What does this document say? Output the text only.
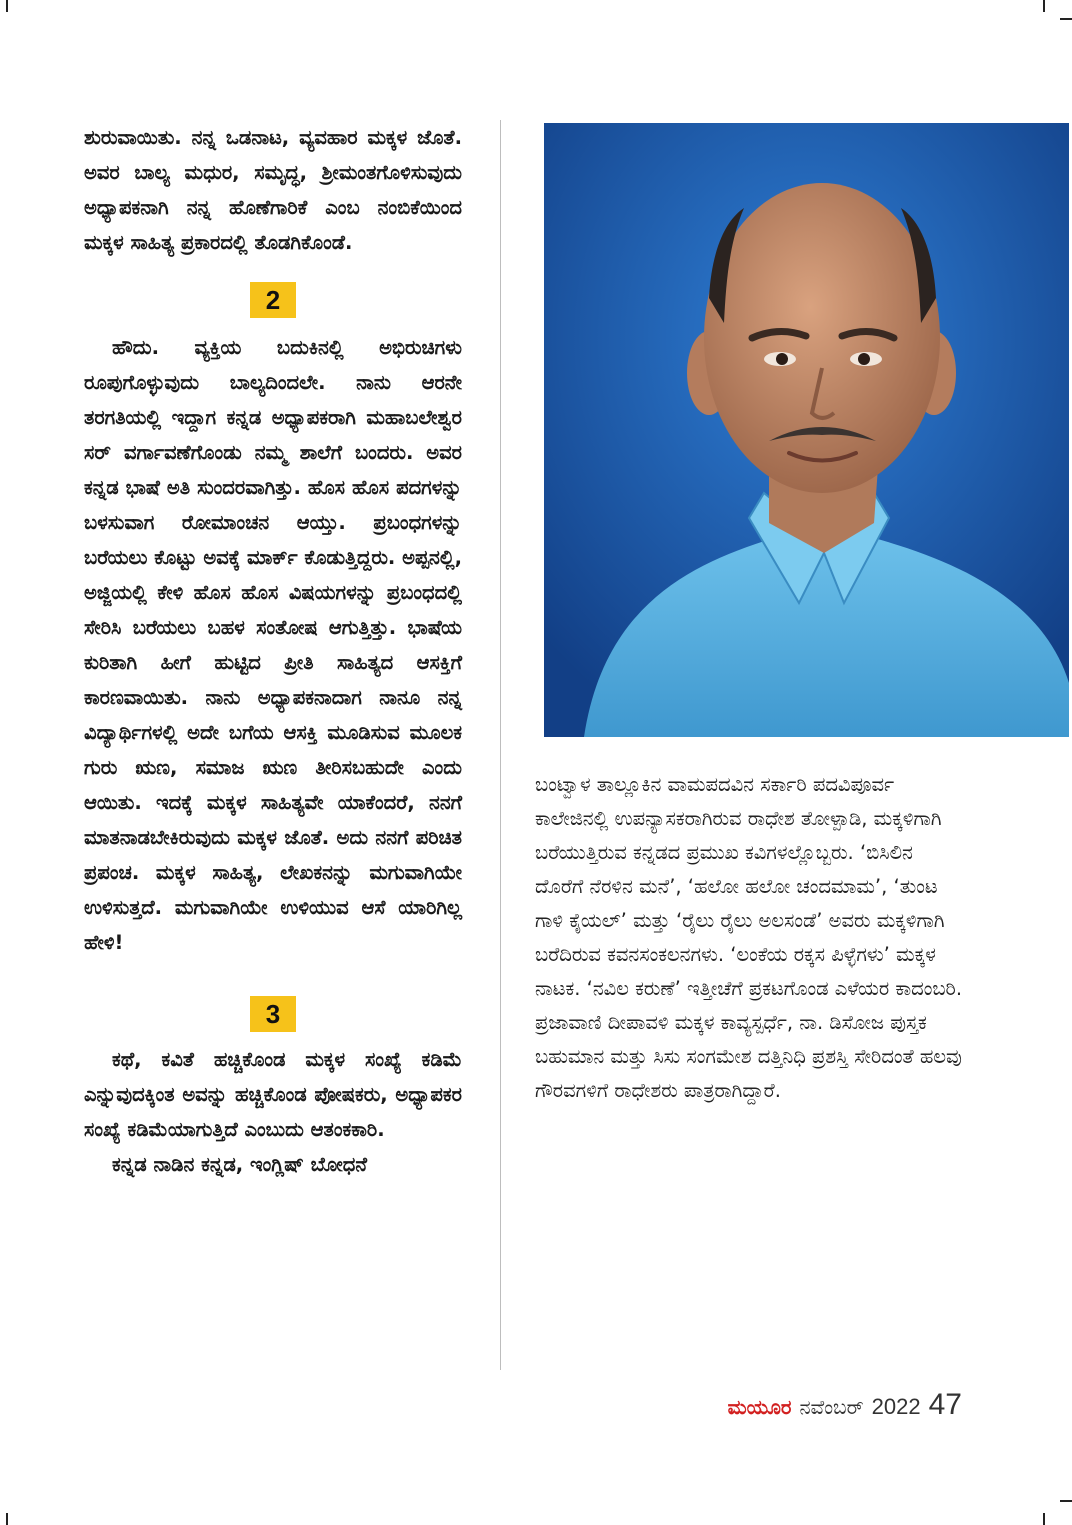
ಶುರುವಾಯಿತು. ನನ್ನ ಒಡನಾಟ, ವ್ಯವಹಾರ ಮಕ್ಕಳ ಜೊತೆ. ಅವರ ಬಾಲ್ಯ ಮಧುರ, ಸಮೃದ್ಧ, ಶ್ರೀಮಂತಗೊಳಿಸುವುದು ಅಧ್ಯಾಪಕನಾಗಿ ನನ್ನ ಹೊಣೆಗಾರಿಕೆ ಎಂಬ ನಂಬಿಕೆಯಿಂದ ಮಕ್ಕಳ ಸಾಹಿತ್ಯ ಪ್ರಕಾರದಲ್ಲಿ ತೊಡಗಿಕೊಂಡೆ.

2

ಹೌದು. ವ್ಯಕ್ತಿಯ ಬದುಕಿನಲ್ಲಿ ಅಭಿರುಚಿಗಳು ರೂಪುಗೊಳ್ಳುವುದು ಬಾಲ್ಯದಿಂದಲೇ. ನಾನು ಆರನೇ ತರಗತಿಯಲ್ಲಿ ಇದ್ದಾಗ ಕನ್ನಡ ಅಧ್ಯಾಪಕರಾಗಿ ಮಹಾಬಲೇಶ್ವರ ಸರ್ ವರ್ಗಾವಣೆಗೊಂಡು ನಮ್ಮ ಶಾಲೆಗೆ ಬಂದರು. ಅವರ ಕನ್ನಡ ಭಾಷೆ ಅತಿ ಸುಂದರವಾಗಿತ್ತು. ಹೊಸ ಹೊಸ ಪದಗಳನ್ನು ಬಳಸುವಾಗ ರೋಮಾಂಚನ ಆಯ್ತು. ಪ್ರಬಂಧಗಳನ್ನು ಬರೆಯಲು ಕೊಟ್ಟು ಅವಕ್ಕೆ ಮಾರ್ಕ್ ಕೊಡುತ್ತಿದ್ದರು. ಅಪ್ಪನಲ್ಲಿ, ಅಜ್ಜಿಯಲ್ಲಿ ಕೇಳಿ ಹೊಸ ಹೊಸ ವಿಷಯಗಳನ್ನು ಪ್ರಬಂಧದಲ್ಲಿ ಸೇರಿಸಿ ಬರೆಯಲು ಬಹಳ ಸಂತೋಷ ಆಗುತ್ತಿತ್ತು. ಭಾಷೆಯ ಕುರಿತಾಗಿ ಹೀಗೆ ಹುಟ್ಟಿದ ಪ್ರೀತಿ ಸಾಹಿತ್ಯದ ಆಸಕ್ತಿಗೆ ಕಾರಣವಾಯಿತು. ನಾನು ಅಧ್ಯಾಪಕನಾದಾಗ ನಾನೂ ನನ್ನ ವಿದ್ಯಾರ್ಥಿಗಳಲ್ಲಿ ಅದೇ ಬಗೆಯ ಆಸಕ್ತಿ ಮೂಡಿಸುವ ಮೂಲಕ ಗುರು ಋಣ, ಸಮಾಜ ಋಣ ತೀರಿಸಬಹುದೇ ಎಂದು ಆಯಿತು. ಇದಕ್ಕೆ ಮಕ್ಕಳ ಸಾಹಿತ್ಯವೇ ಯಾಕೆಂದರೆ, ನನಗೆ ಮಾತನಾಡಬೇಕಿರುವುದು ಮಕ್ಕಳ ಜೊತೆ. ಅದು ನನಗೆ ಪರಿಚಿತ ಪ್ರಪಂಚ. ಮಕ್ಕಳ ಸಾಹಿತ್ಯ, ಲೇಖಕನನ್ನು ಮಗುವಾಗಿಯೇ ಉಳಿಸುತ್ತದೆ. ಮಗುವಾಗಿಯೇ ಉಳಿಯುವ ಆಸೆ ಯಾರಿಗಿಲ್ಲ ಹೇಳಿ!

3

ಕಥೆ, ಕವಿತೆ ಹಚ್ಚಿಕೊಂಡ ಮಕ್ಕಳ ಸಂಖ್ಯೆ ಕಡಿಮೆ ಎನ್ನುವುದಕ್ಕಿಂತ ಅವನ್ನು ಹಚ್ಚಿಕೊಂಡ ಪೋಷಕರು, ಅಧ್ಯಾಪಕರ ಸಂಖ್ಯೆ ಕಡಿಮೆಯಾಗುತ್ತಿದೆ ಎಂಬುದು ಆತಂಕಕಾರಿ.

ಕನ್ನಡ ನಾಡಿನ ಕನ್ನಡ, ಇಂಗ್ಲಿಷ್ ಬೋಧನೆ

ಬಂಟ್ವಾಳ ತಾಲ್ಲೂಕಿನ ವಾಮಪದವಿನ ಸರ್ಕಾರಿ ಪದವಿಪೂರ್ವ ಕಾಲೇಜಿನಲ್ಲಿ ಉಪನ್ಯಾಸಕರಾಗಿರುವ ರಾಧೇಶ ತೋಳ್ಪಾಡಿ, ಮಕ್ಕಳಿಗಾಗಿ ಬರೆಯುತ್ತಿರುವ ಕನ್ನಡದ ಪ್ರಮುಖ ಕವಿಗಳಲ್ಲೊಬ್ಬರು. ‘ಬಿಸಿಲಿನ ದೊರೆಗೆ ನೆರಳಿನ ಮನೆ’, ‘ಹಲೋ ಹಲೋ ಚಂದಮಾಮ’, ‘ತುಂಟ ಗಾಳಿ ಕೈಯಲ್’ ಮತ್ತು ‘ರೈಲು ರೈಲು ಅಲಸಂಡೆ’ ಅವರು ಮಕ್ಕಳಿಗಾಗಿ ಬರೆದಿರುವ ಕವನಸಂಕಲನಗಳು. ‘ಲಂಕೆಯ ರಕ್ಕಸ ಪಿಳ್ಳೆಗಳು’ ಮಕ್ಕಳ ನಾಟಕ. ‘ನವಿಲ ಕರುಣೆ’ ಇತ್ತೀಚೆಗೆ ಪ್ರಕಟಗೊಂಡ ಎಳೆಯರ ಕಾದಂಬರಿ. ಪ್ರಜಾವಾಣಿ ದೀಪಾವಳಿ ಮಕ್ಕಳ ಕಾವ್ಯಸ್ಪರ್ಧೆ, ನಾ. ಡಿಸೋಜ ಪುಸ್ತಕ ಬಹುಮಾನ ಮತ್ತು ಸಿಸು ಸಂಗಮೇಶ ದತ್ತಿನಿಧಿ ಪ್ರಶಸ್ತಿ ಸೇರಿದಂತೆ ಹಲವು ಗೌರವಗಳಿಗೆ ರಾಧೇಶರು ಪಾತ್ರರಾಗಿದ್ದಾರೆ.

ಮಯೂರ ನವೆಂಬರ್ 2022 47
